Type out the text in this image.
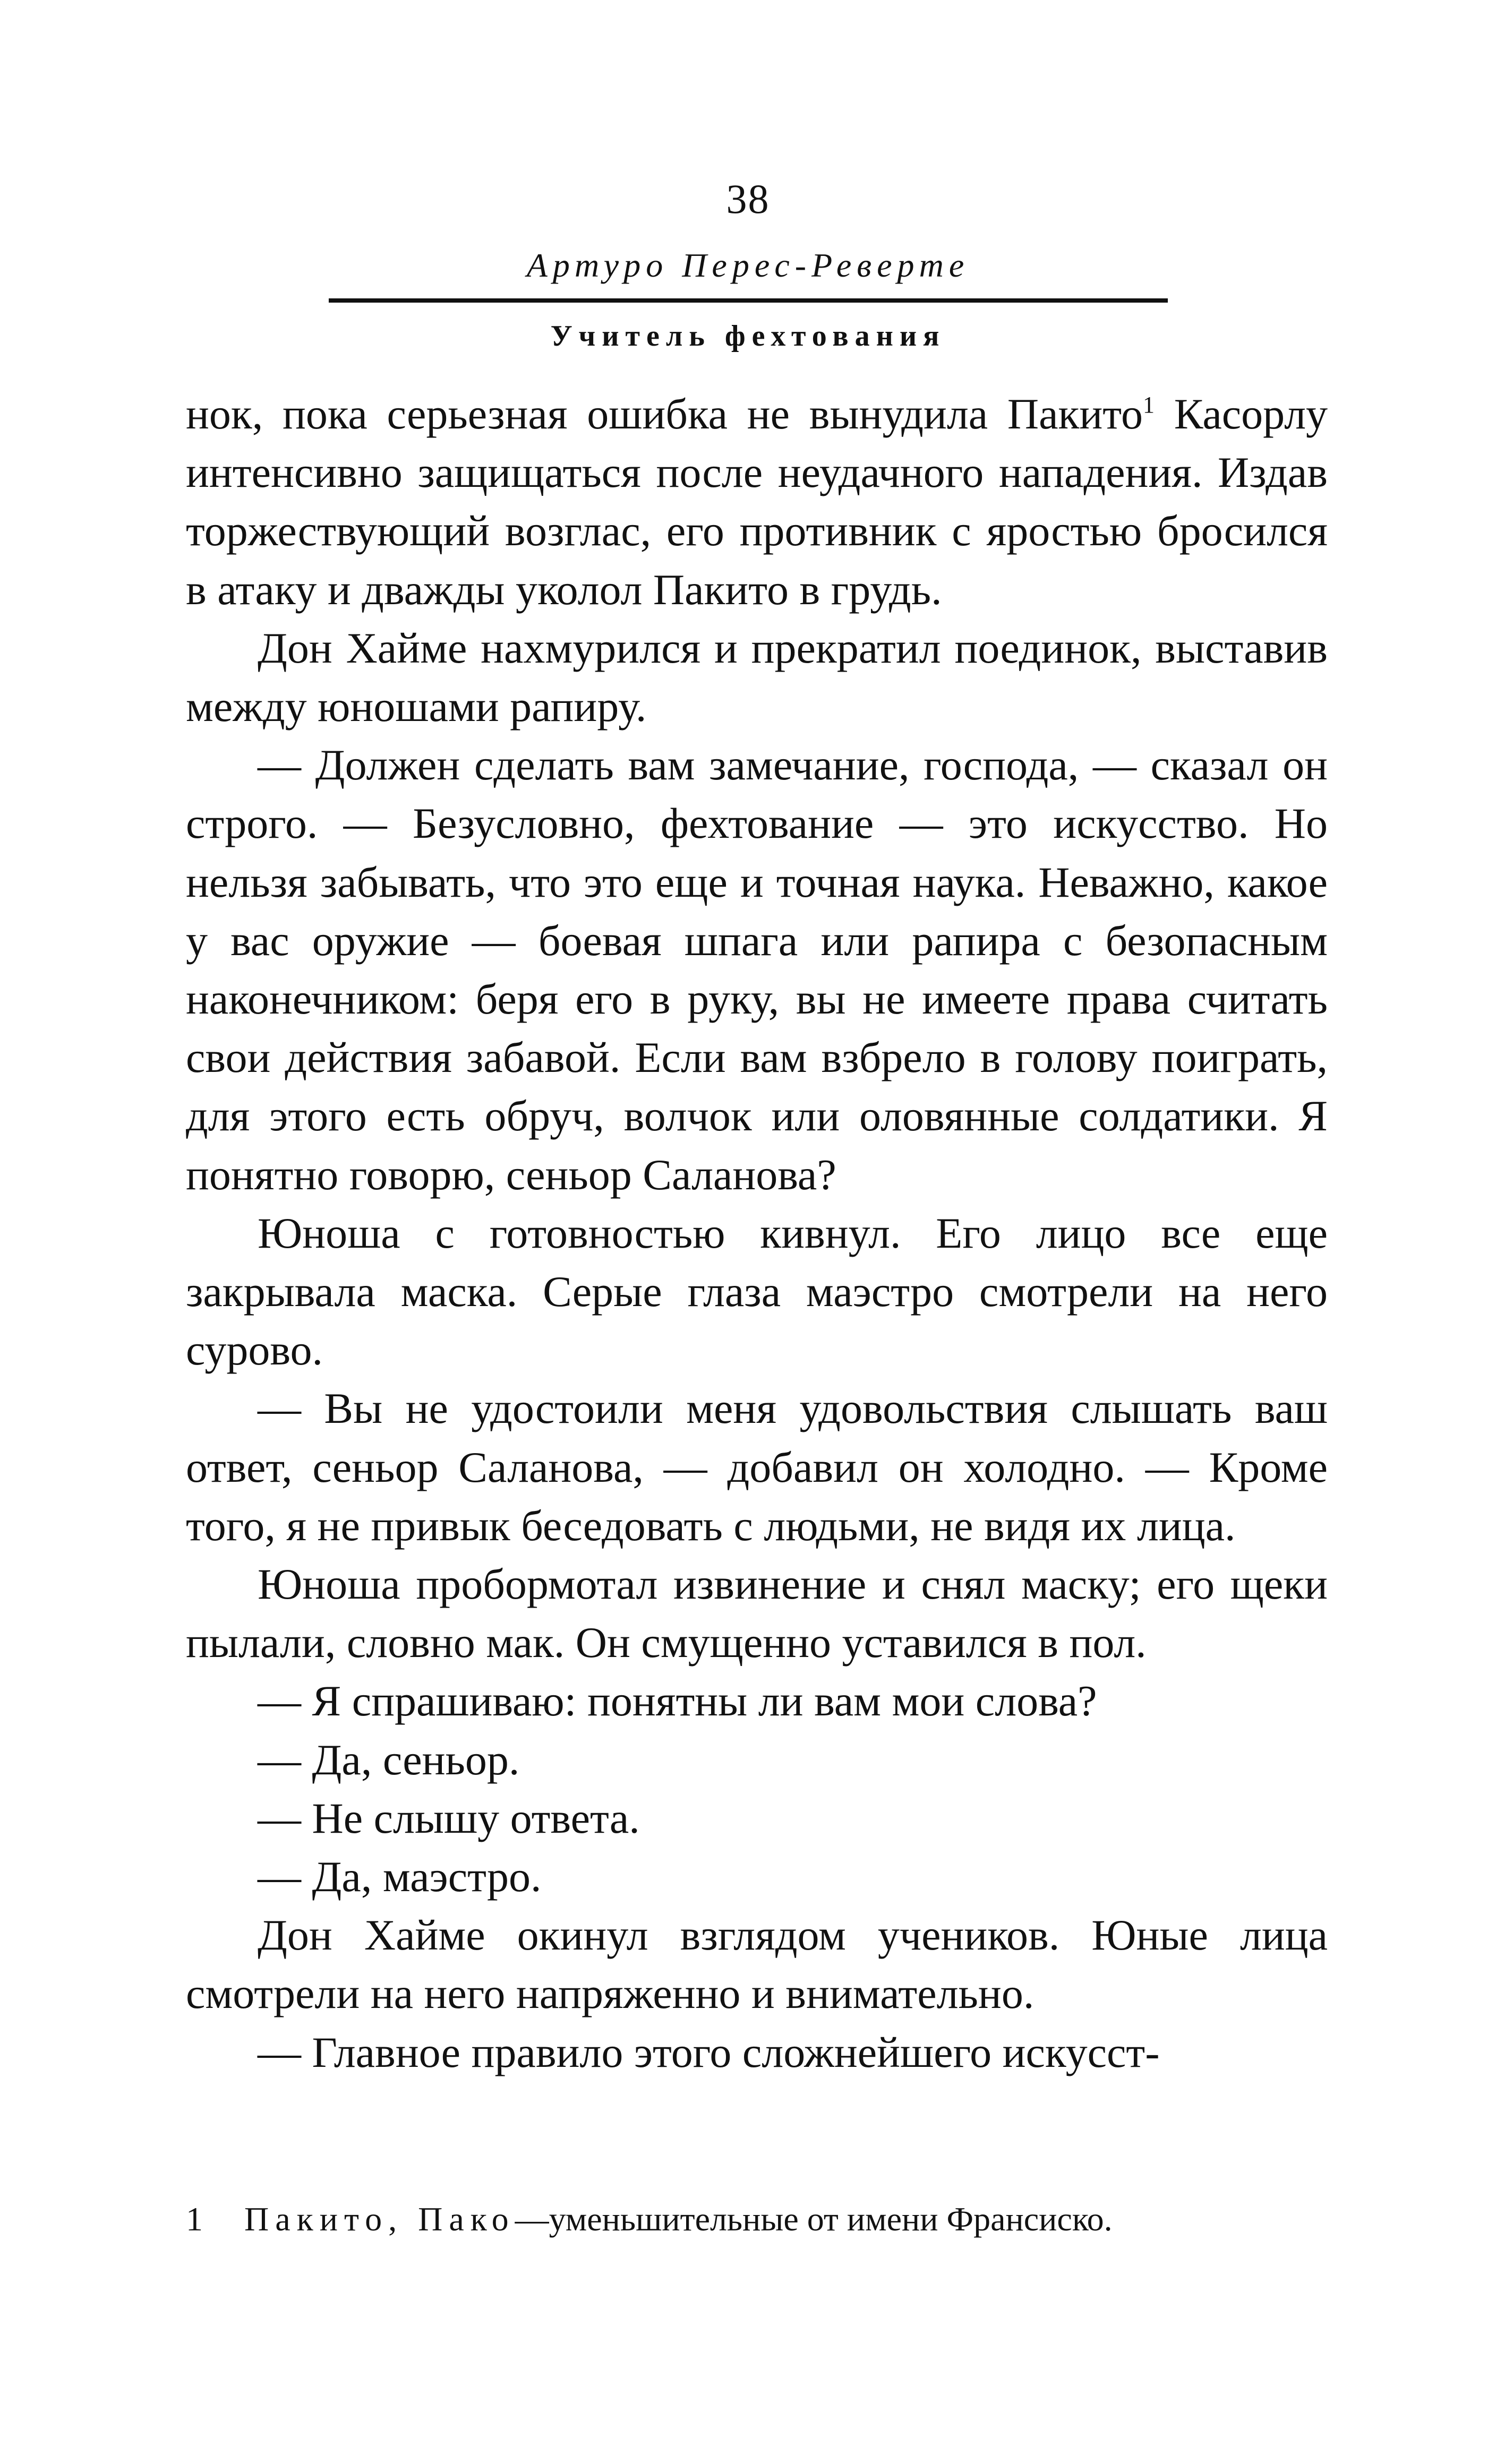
38
Артуро Перес-Реверте
Учитель фехтования

нок, пока серьезная ошибка не вынудила Пакито$^1$ Касорлу интенсивно защищаться после неудачного нападения. Издав торжествующий возглас, его противник с яростью бросился в атаку и дважды уколол Пакито в грудь.

Дон Хайме нахмурился и прекратил поединок, выставив между юношами рапиру.

— Должен сделать вам замечание, господа, — сказал он строго. — Безусловно, фехтование — это искусство. Но нельзя забывать, что это еще и точная наука. Неважно, какое у вас оружие — боевая шпага или рапира с безопасным наконечником: беря его в руку, вы не имеете права считать свои действия забавой. Если вам взбрело в голову поиграть, для этого есть обруч, волчок или оловянные солдатики. Я понятно говорю, сеньор Саланова?

Юноша с готовностью кивнул. Его лицо все еще закрывала маска. Серые глаза маэстро смотрели на него сурово.

— Вы не удостоили меня удовольствия слышать ваш ответ, сеньор Саланова, — добавил он холодно. — Кроме того, я не привык беседовать с людьми, не видя их лица.

Юноша пробормотал извинение и снял маску; его щеки пылали, словно мак. Он смущенно уставился в пол.

— Я спрашиваю: понятны ли вам мои слова?

— Да, сеньор.

— Не слышу ответа.

— Да, маэстро.

Дон Хайме окинул взглядом учеников. Юные лица смотрели на него напряженно и внимательно.

— Главное правило этого сложнейшего искусст-

1 Пакито, Пако—уменьшительные от имени Франсиско.
